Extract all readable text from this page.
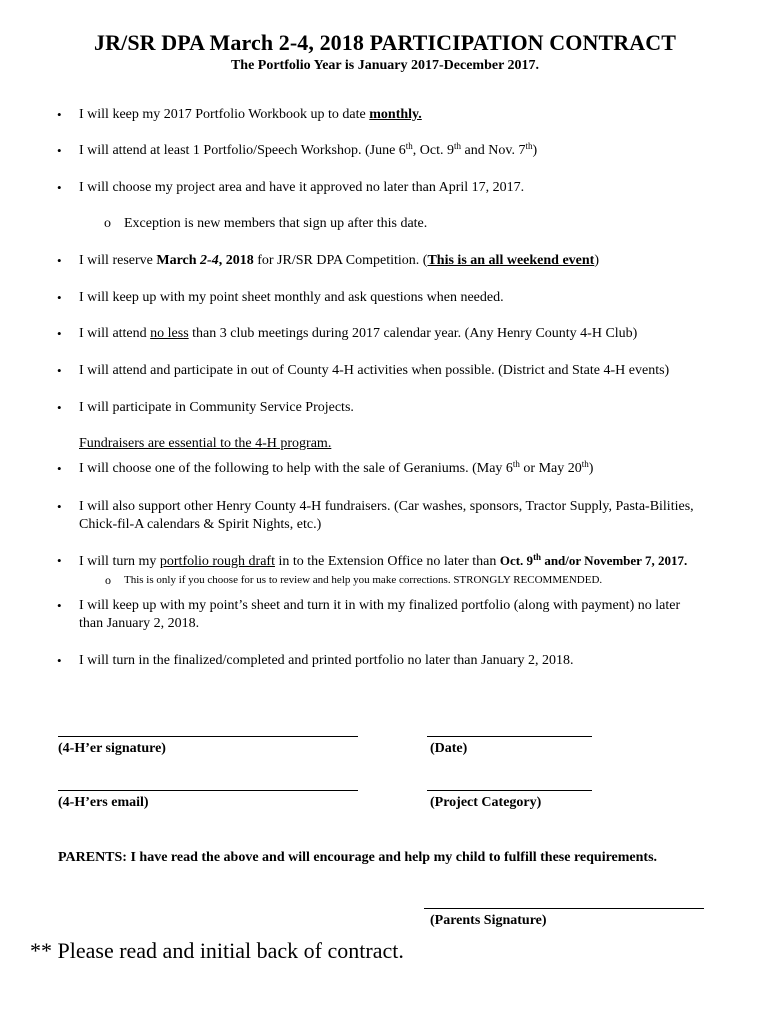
JR/SR DPA March 2-4, 2018 PARTICIPATION CONTRACT
The Portfolio Year is January 2017-December 2017.
• I will keep my 2017 Portfolio Workbook up to date monthly.
• I will attend at least 1 Portfolio/Speech Workshop. (June 6th, Oct. 9th and Nov. 7th)
• I will choose my project area and have it approved no later than April 17, 2017.
o Exception is new members that sign up after this date.
• I will reserve March 2-4, 2018 for JR/SR DPA Competition. (This is an all weekend event)
• I will keep up with my point sheet monthly and ask questions when needed.
• I will attend no less than 3 club meetings during 2017 calendar year. (Any Henry County 4-H Club)
• I will attend and participate in out of County 4-H activities when possible. (District and State 4-H events)
• I will participate in Community Service Projects.
Fundraisers are essential to the 4-H program.
• I will choose one of the following to help with the sale of Geraniums. (May 6th or May 20th)
• I will also support other Henry County 4-H fundraisers. (Car washes, sponsors, Tractor Supply, Pasta-Bilities,
Chick-fil-A calendars & Spirit Nights, etc.)
• I will turn my portfolio rough draft in to the Extension Office no later than Oct. 9th and/or November 7, 2017.
o This is only if you choose for us to review and help you make corrections. STRONGLY RECOMMENDED.
• I will keep up with my point’s sheet and turn it in with my finalized portfolio (along with payment) no later
than January 2, 2018.
• I will turn in the finalized/completed and printed portfolio no later than January 2, 2018.
(4-H’er signature)	(Date)
(4-H’ers email)	(Project Category)
PARENTS: I have read the above and will encourage and help my child to fulfill these requirements.
(Parents Signature)
** Please read and initial back of contract.
